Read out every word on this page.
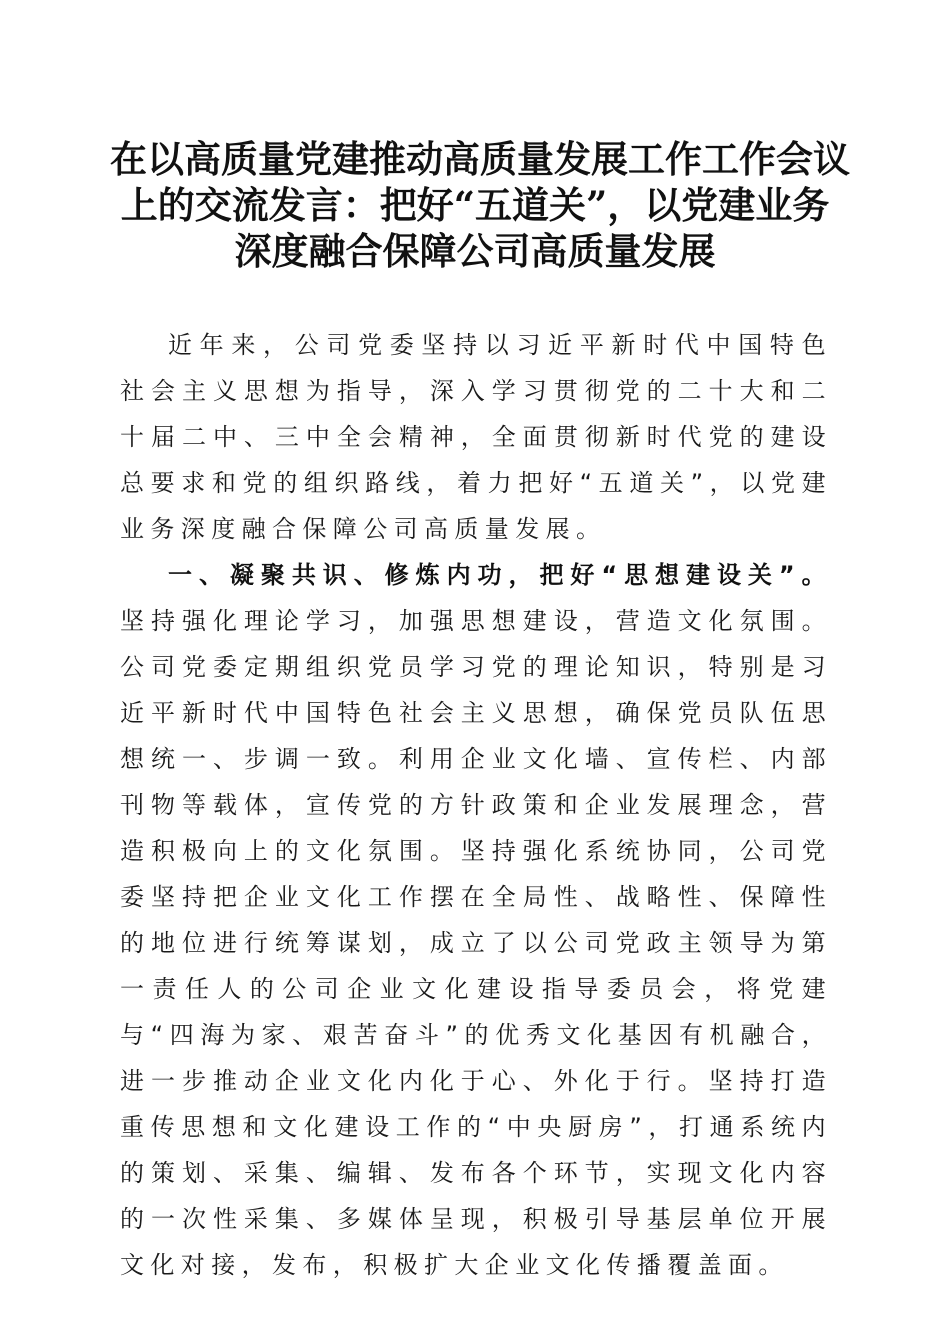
在以高质量党建推动高质量发展工作工作会议
上的交流发言：把好“五道关”，以党建业务
深度融合保障公司高质量发展

近年来，公司党委坚持以习近平新时代中国特色社会主义思想为指导，深入学习贯彻党的二十大和二十届二中、三中全会精神，全面贯彻新时代党的建设总要求和党的组织路线，着力把好“五道关”，以党建业务深度融合保障公司高质量发展。

一、凝聚共识、修炼内功，把好“思想建设关”。坚持强化理论学习，加强思想建设，营造文化氛围。公司党委定期组织党员学习党的理论知识，特别是习近平新时代中国特色社会主义思想，确保党员队伍思想统一、步调一致。利用企业文化墙、宣传栏、内部刊物等载体，宣传党的方针政策和企业发展理念，营造积极向上的文化氛围。坚持强化系统协同，公司党委坚持把企业文化工作摆在全局性、战略性、保障性的地位进行统筹谋划，成立了以公司党政主领导为第一责任人的公司企业文化建设指导委员会，将党建与“四海为家、艰苦奋斗”的优秀文化基因有机融合，进一步推动企业文化内化于心、外化于行。坚持打造重传思想和文化建设工作的“中央厨房”，打通系统内的策划、采集、编辑、发布各个环节，实现文化内容的一次性采集、多媒体呈现，积极引导基层单位开展文化对接，发布，积极扩大企业文化传播覆盖面。
